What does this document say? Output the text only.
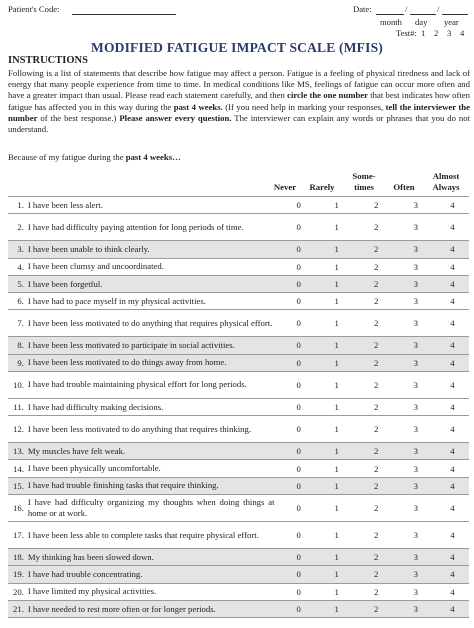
Patient's Code:	Date:	/	/
month day year
Test#: 1 2 3 4
MODIFIED FATIGUE IMPACT SCALE (MFIS)
INSTRUCTIONS
Following is a list of statements that describe how fatigue may affect a person. Fatigue is a feeling of physical tiredness and lack of energy that many people experience from time to time. In medical conditions like MS, feelings of fatigue can occur more often and have a greater impact than usual. Please read each statement carefully, and then circle the one number that best indicates how often fatigue has affected you in this way during the past 4 weeks. (If you need help in marking your responses, tell the interviewer the number of the best response.) Please answer every question. The interviewer can explain any words or phrases that you do not understand.
Because of my fatigue during the past 4 weeks…
Never	Rarely
Some-
times	Often
Almost
Always
1.	I have been less alert.	0	1	2	3	4
2.	I have had difficulty paying attention for long periods of time.	0	1	2	3	4
3.	I have been unable to think clearly.	0	1	2	3	4
4.	I have been clumsy and uncoordinated.	0	1	2	3	4
5.	I have been forgetful.	0	1	2	3	4
6.	I have had to pace myself in my physical activities.	0	1	2	3	4
7.	I have been less motivated to do anything that requires physical effort.	0	1	2	3	4
8.	I have been less motivated to participate in social activities.	0	1	2	3	4
9.	I have been less motivated to do things away from home.	0	1	2	3	4
10.	I have had trouble maintaining physical effort for long periods.	0	1	2	3	4
11.	I have had difficulty making decisions.	0	1	2	3	4
12.	I have been less motivated to do anything that requires thinking.	0	1	2	3	4
13.	My muscles have felt weak.	0	1	2	3	4
14.	I have been physically uncomfortable.	0	1	2	3	4
15.	I have had trouble finishing tasks that require thinking.	0	1	2	3	4
16.	I have had difficulty organizing my thoughts when doing things at home or at work.	0	1	2	3	4
17.	I have been less able to complete tasks that require physical effort.	0	1	2	3	4
18.	My thinking has been slowed down.	0	1	2	3	4
19.	I have had trouble concentrating.	0	1	2	3	4
20.	I have limited my physical activities.	0	1	2	3	4
21.	I have needed to rest more often or for longer periods.	0	1	2	3	4
